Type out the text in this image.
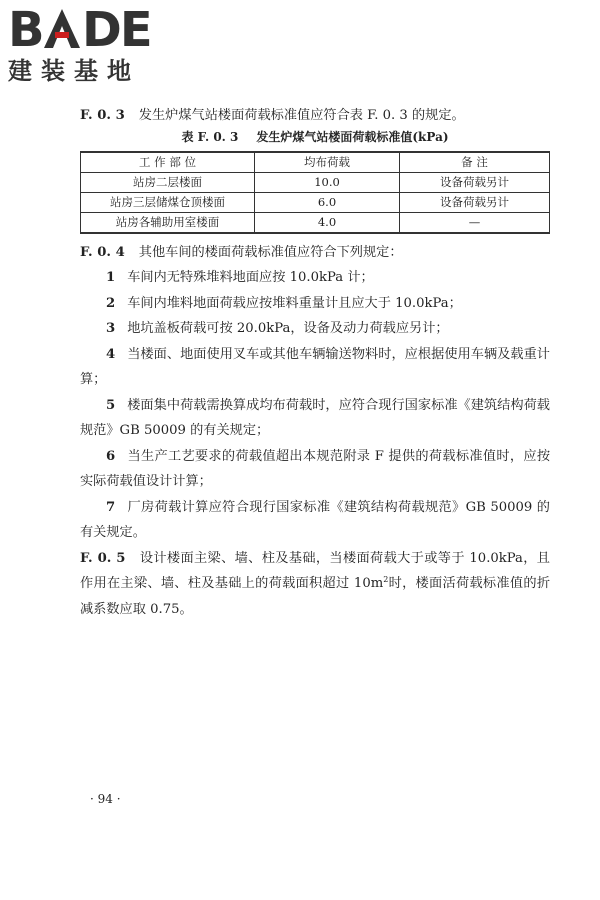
B DE
建装基地

F. 0. 3 发生炉煤气站楼面荷载标准值应符合表 F. 0. 3 的规定。

表 F. 0. 3 发生炉煤气站楼面荷载标准值(kPa)
工 作 部 位	均布荷载	备 注
站房二层楼面	10.0	设备荷载另计
站房三层储煤仓顶楼面	6.0	设备荷载另计
站房各辅助用室楼面	4.0	—

F. 0. 4 其他车间的楼面荷载标准值应符合下列规定：

1 车间内无特殊堆料地面应按 10.0kPa 计；

2 车间内堆料地面荷载应按堆料重量计且应大于 10.0kPa；

3 地坑盖板荷载可按 20.0kPa，设备及动力荷载应另计；

4 当楼面、地面使用叉车或其他车辆输送物料时，应根据使用车辆及载重计算；

5 楼面集中荷载需换算成均布荷载时，应符合现行国家标准《建筑结构荷载规范》GB 50009 的有关规定；

6 当生产工艺要求的荷载值超出本规范附录 F 提供的荷载标准值时，应按实际荷载值设计计算；

7 厂房荷载计算应符合现行国家标准《建筑结构荷载规范》GB 50009 的有关规定。

F. 0. 5 设计楼面主梁、墙、柱及基础，当楼面荷载大于或等于 10.0kPa，且作用在主梁、墙、柱及基础上的荷载面积超过 $10m^2$时，楼面活荷载标准值的折减系数应取 0.75。

· 94 ·
